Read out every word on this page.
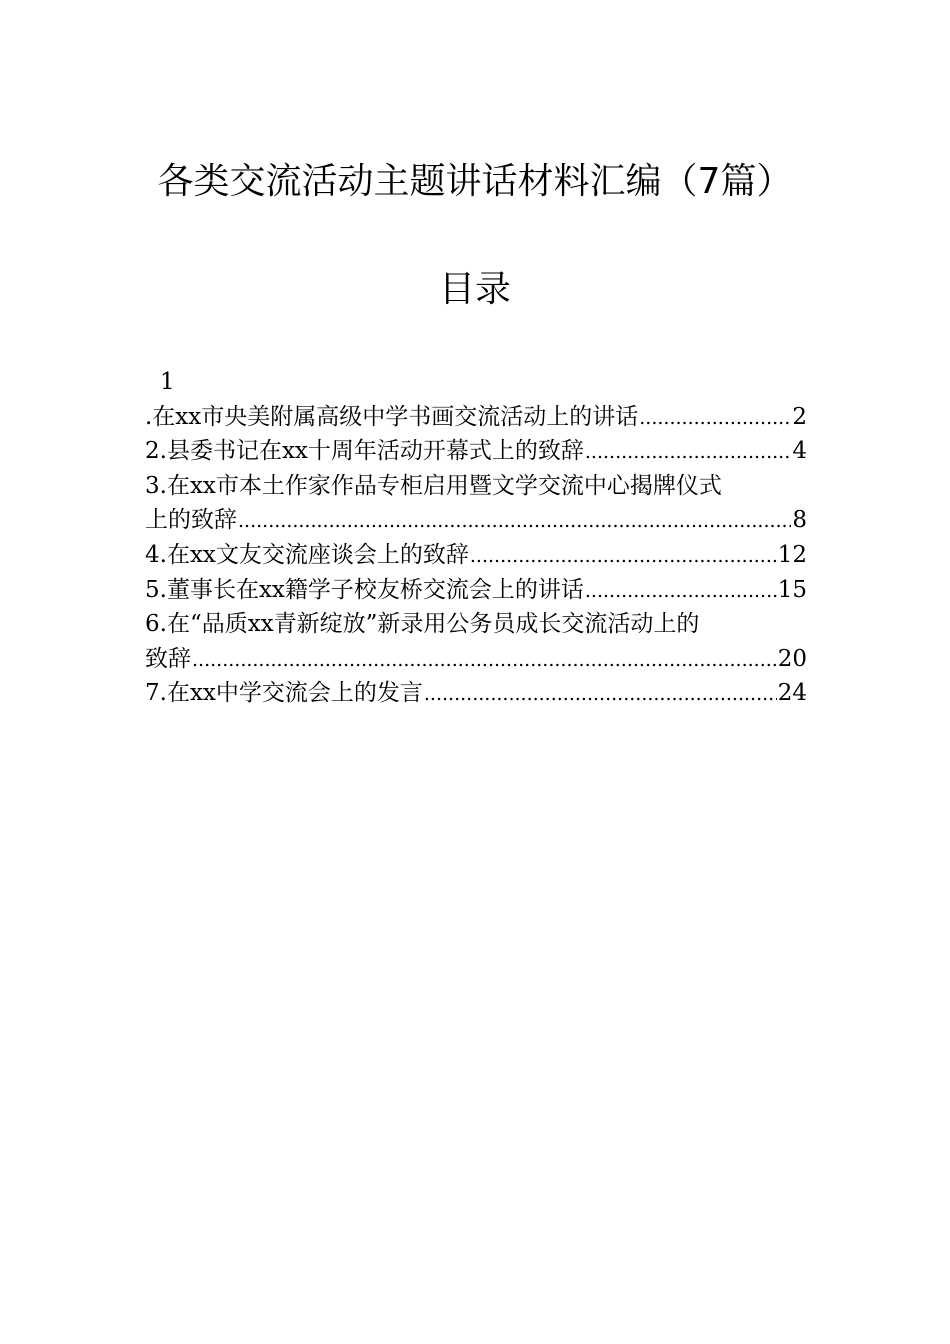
各类交流活动主题讲话材料汇编（7篇）
目录
1
.在xx市央美附属高级中学书画交流活动上的讲话 .....	2
2.县委书记在xx十周年活动开幕式上的致辞 .....	4
3.在xx市本土作家作品专柜启用暨文学交流中心揭牌仪式
上的致辞 .....	8
4.在xx文友交流座谈会上的致辞 .....	12
5.董事长在xx籍学子校友桥交流会上的讲话 .....	15
6.在“品质xx青新绽放”新录用公务员成长交流活动上的
致辞 .....	20
7.在xx中学交流会上的发言 .....	24
